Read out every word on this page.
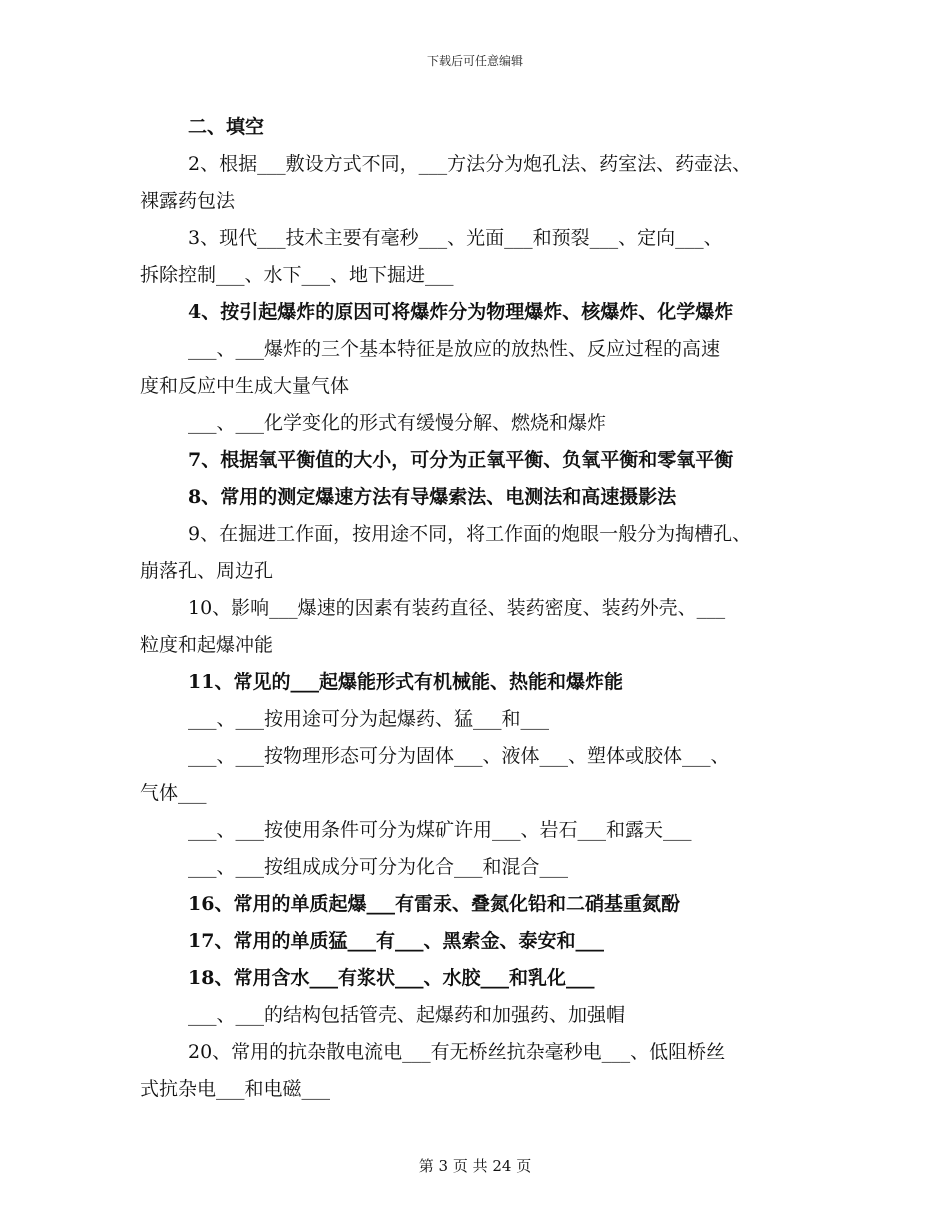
下载后可任意编辑
二、填空
2、根据___敷设方式不同，___方法分为炮孔法、药室法、药壶法、
裸露药包法
3、现代___技术主要有毫秒___、光面___和预裂___、定向___、
拆除控制___、水下___、地下掘进___
4、按引起爆炸的原因可将爆炸分为物理爆炸、核爆炸、化学爆炸
___、___爆炸的三个基本特征是放应的放热性、反应过程的高速
度和反应中生成大量气体
___、___化学变化的形式有缓慢分解、燃烧和爆炸
7、根据氧平衡值的大小，可分为正氧平衡、负氧平衡和零氧平衡
8、常用的测定爆速方法有导爆索法、电测法和高速摄影法
9、在掘进工作面，按用途不同，将工作面的炮眼一般分为掏槽孔、
崩落孔、周边孔
10、影响___爆速的因素有装药直径、装药密度、装药外壳、___
粒度和起爆冲能
11、常见的___起爆能形式有机械能、热能和爆炸能
___、___按用途可分为起爆药、猛___和___
___、___按物理形态可分为固体___、液体___、塑体或胶体___、
气体___
___、___按使用条件可分为煤矿许用___、岩石___和露天___
___、___按组成成分可分为化合___和混合___
16、常用的单质起爆___有雷汞、叠氮化铅和二硝基重氮酚
17、常用的单质猛___有___、黑索金、泰安和___
18、常用含水___有浆状___、水胶___和乳化___
___、___的结构包括管壳、起爆药和加强药、加强帽
20、常用的抗杂散电流电___有无桥丝抗杂毫秒电___、低阻桥丝
式抗杂电___和电磁___
第 3 页 共 24 页
